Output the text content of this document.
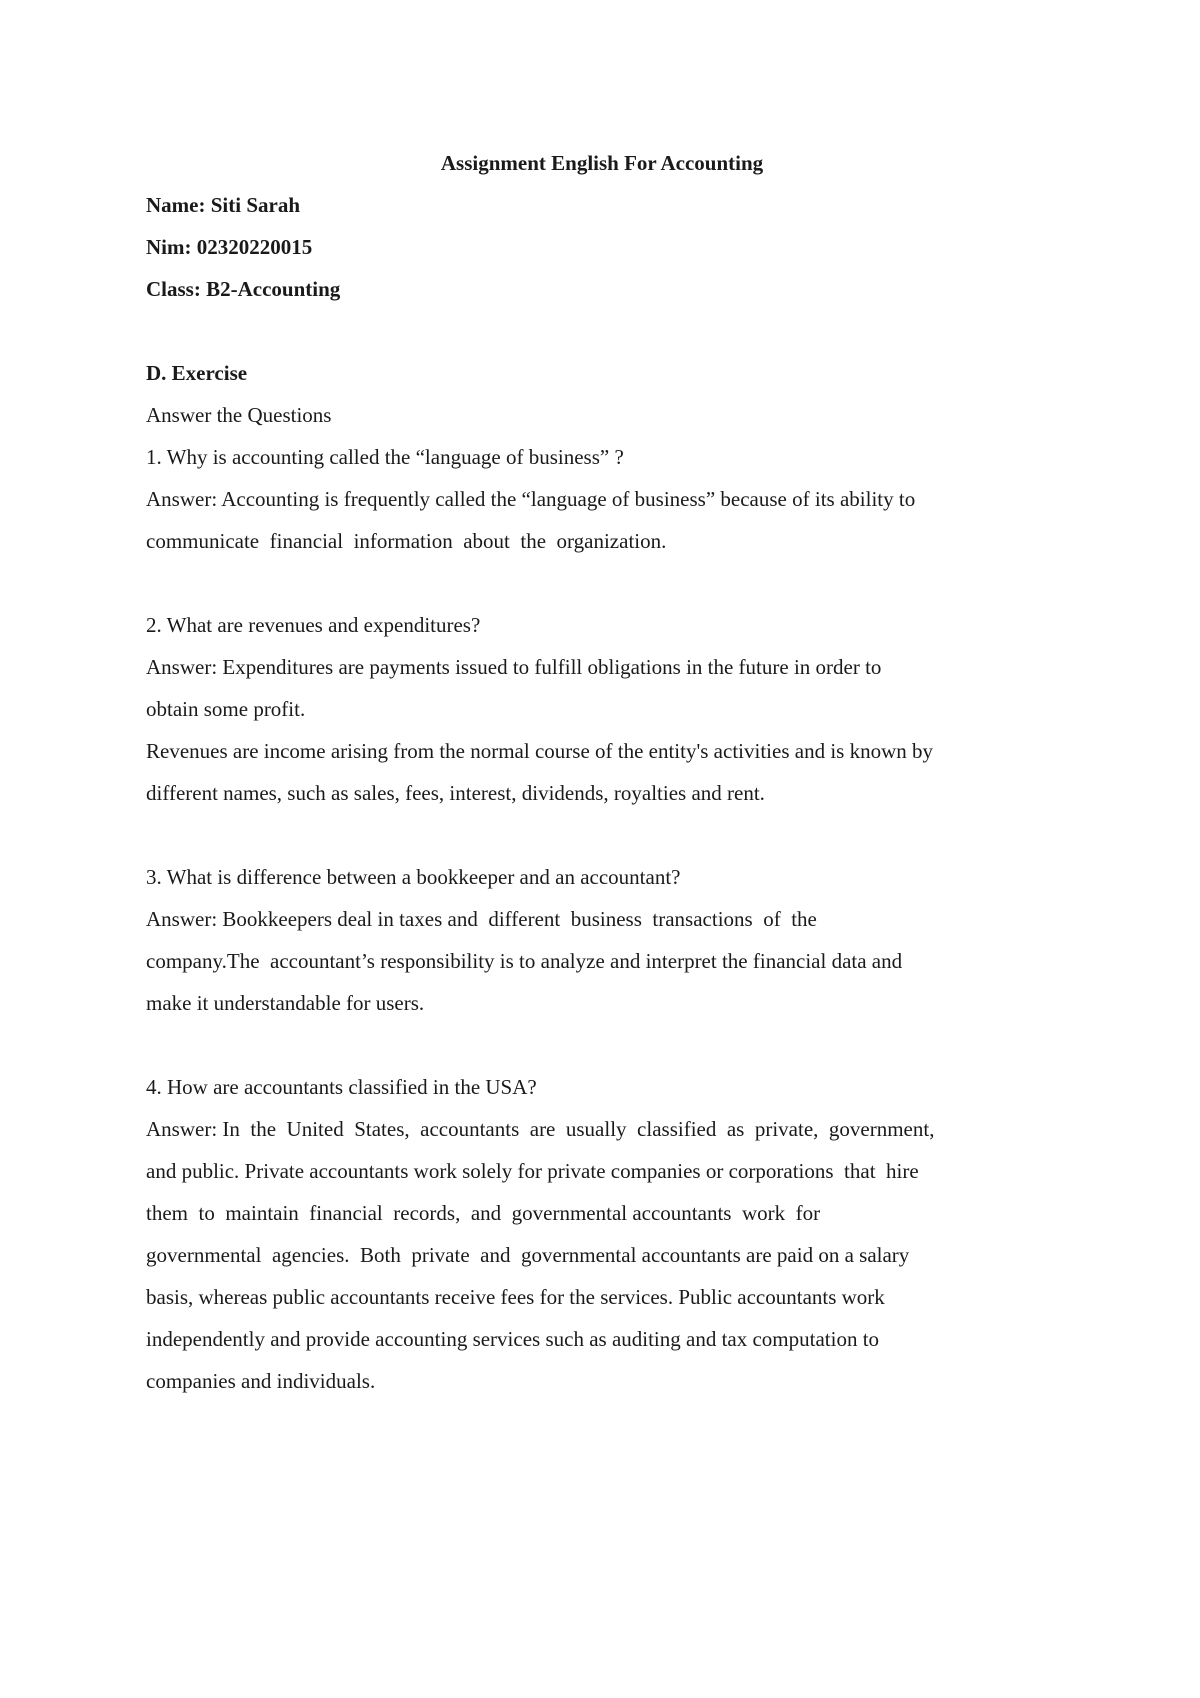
Assignment English For Accounting
Name: Siti Sarah
Nim: 02320220015
Class: B2-Accounting
D. Exercise
Answer the Questions
1. Why is accounting called the “language of business” ?
Answer: Accounting is frequently called the “language of business” because of its ability to
communicate  financial  information  about  the  organization.
2. What are revenues and expenditures?
Answer: Expenditures are payments issued to fulfill obligations in the future in order to
obtain some profit.
Revenues are income arising from the normal course of the entity's activities and is known by
different names, such as sales, fees, interest, dividends, royalties and rent.
3. What is difference between a bookkeeper and an accountant?
Answer: Bookkeepers deal in taxes and  different  business  transactions  of  the
company.The  accountant’s responsibility is to analyze and interpret the financial data and
make it understandable for users.
4. How are accountants classified in the USA?
Answer: In  the  United  States,  accountants  are  usually  classified  as  private,  government,
and public. Private accountants work solely for private companies or corporations  that  hire
them  to  maintain  financial  records,  and  governmental accountants  work  for
governmental  agencies.  Both  private  and  governmental accountants are paid on a salary
basis, whereas public accountants receive fees for the services. Public accountants work
independently and provide accounting services such as auditing and tax computation to
companies and individuals.
